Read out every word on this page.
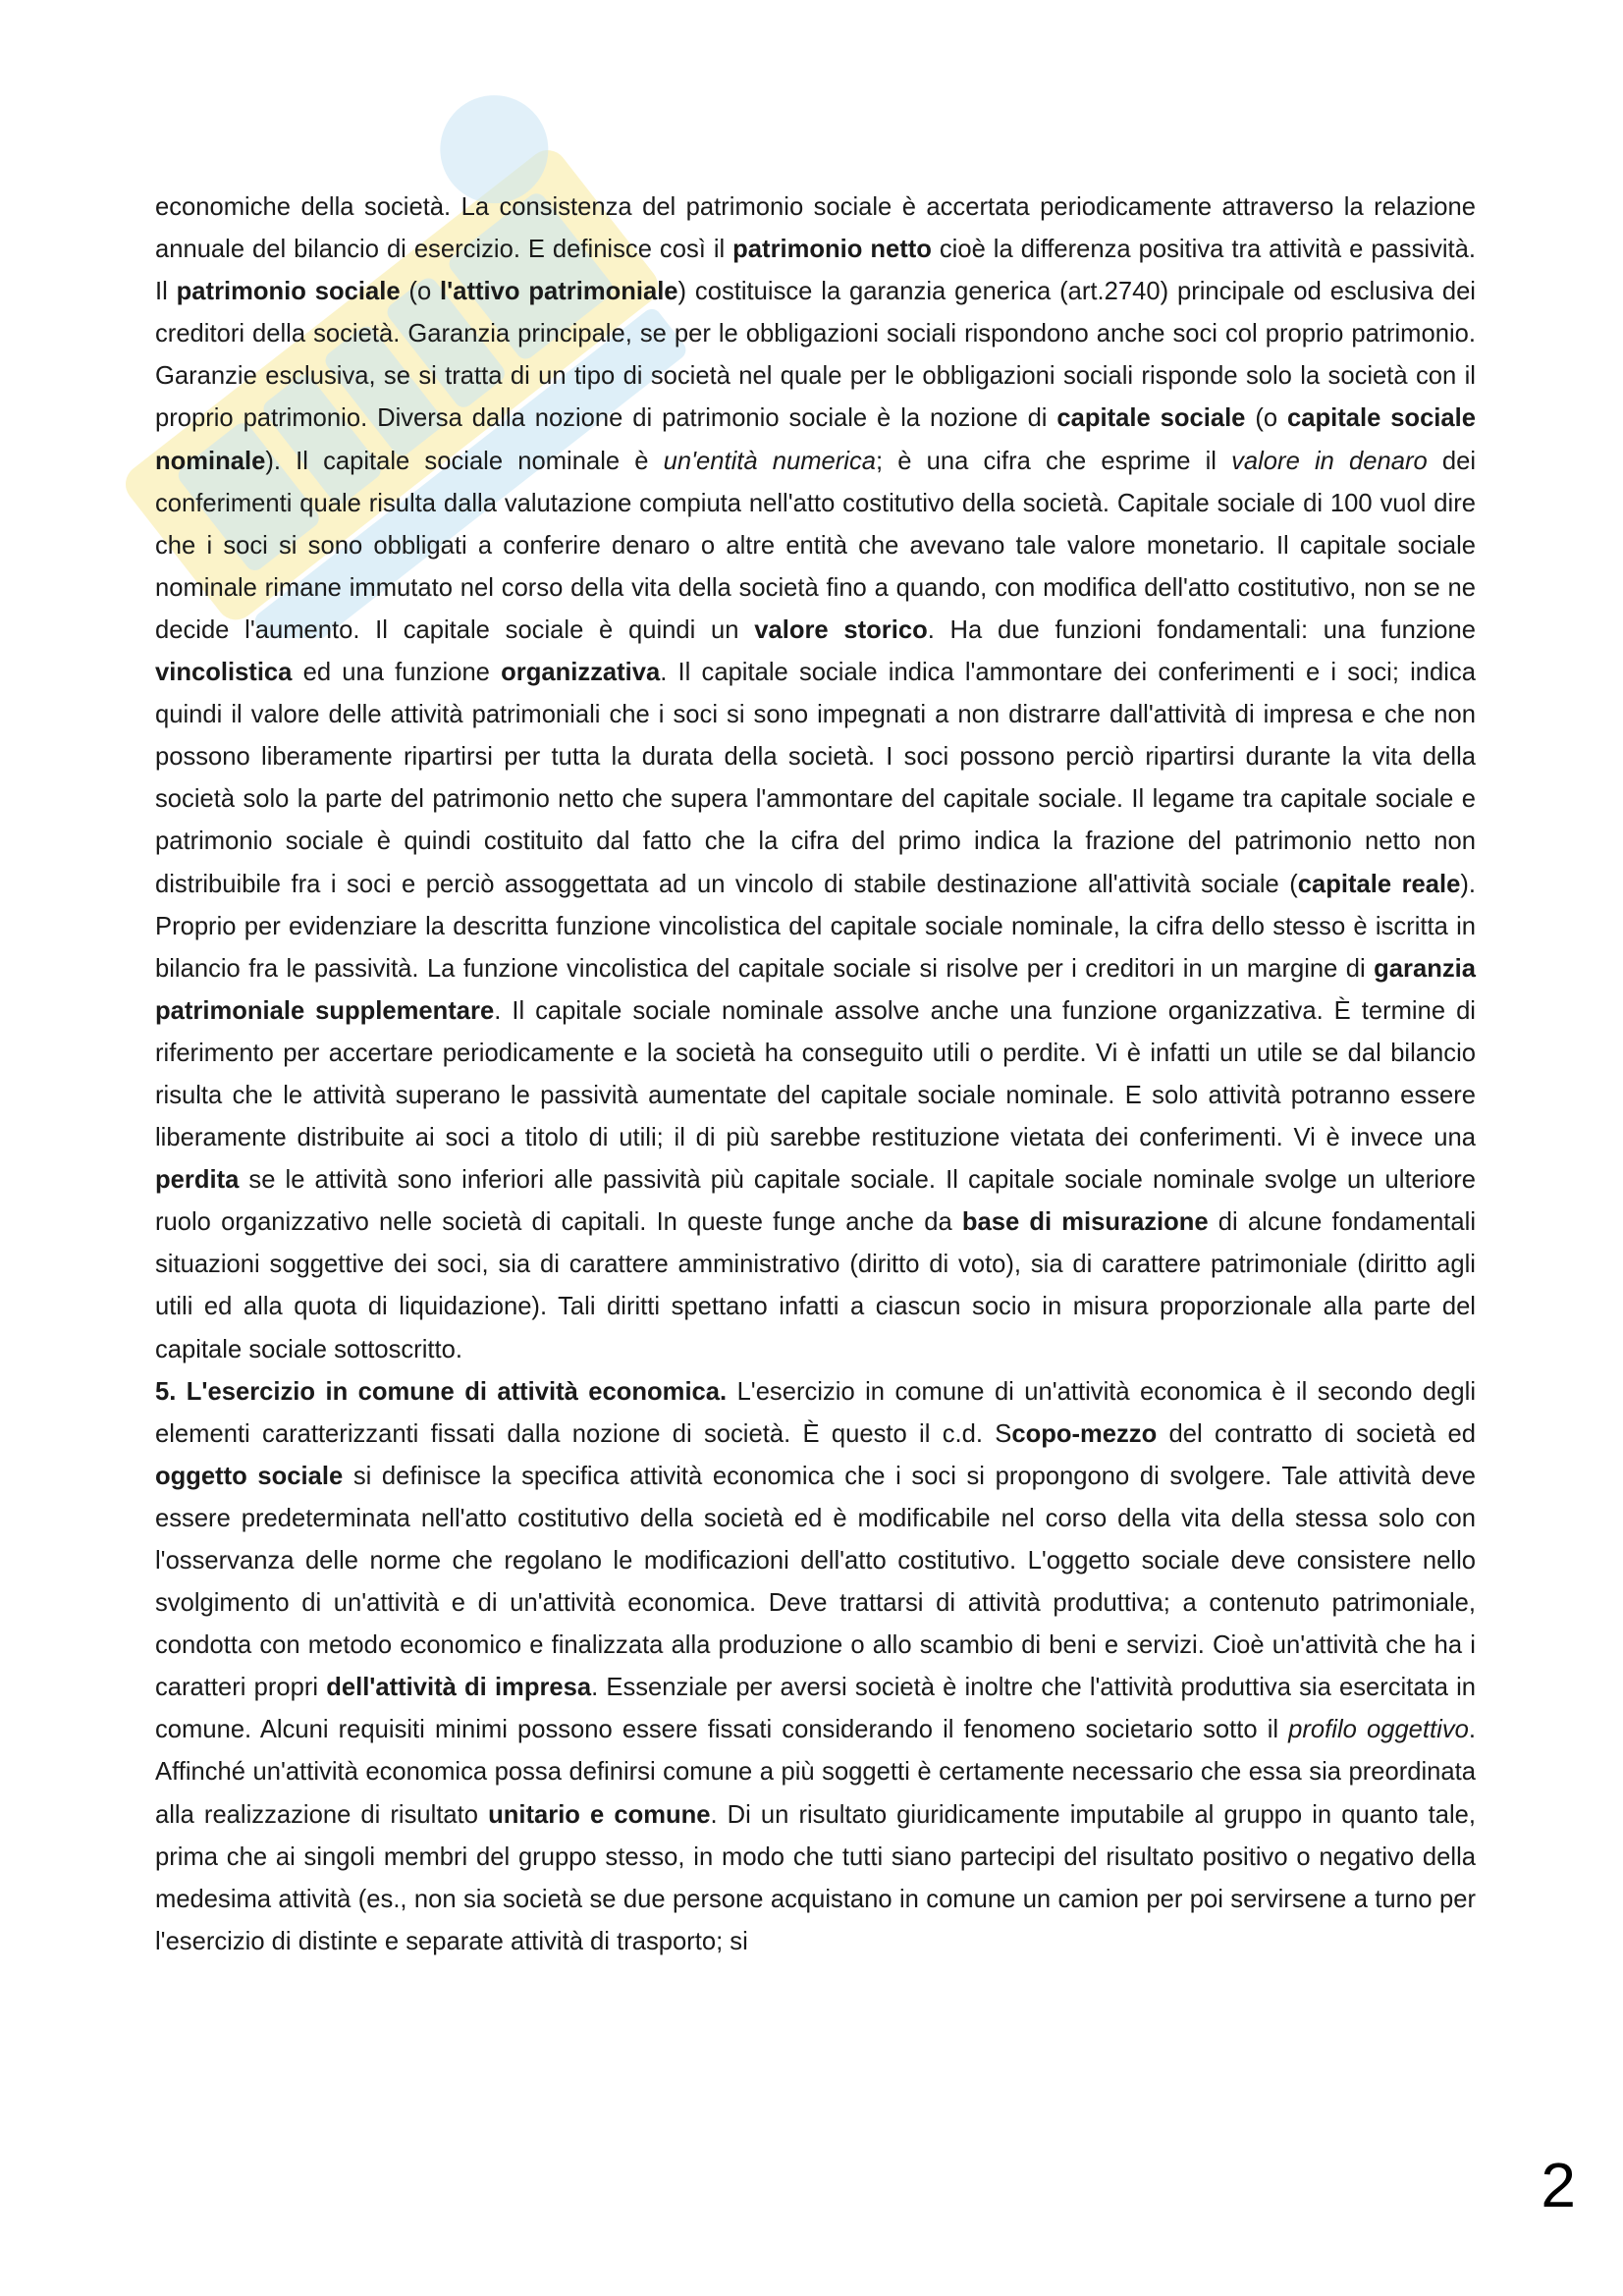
economiche della società. La consistenza del patrimonio sociale è accertata periodicamente attraverso la relazione annuale del bilancio di esercizio. E definisce così il patrimonio netto cioè la differenza positiva tra attività e passività. Il patrimonio sociale (o l'attivo patrimoniale) costituisce la garanzia generica (art.2740) principale od esclusiva dei creditori della società. Garanzia principale, se per le obbligazioni sociali rispondono anche soci col proprio patrimonio. Garanzie esclusiva, se si tratta di un tipo di società nel quale per le obbligazioni sociali risponde solo la società con il proprio patrimonio. Diversa dalla nozione di patrimonio sociale è la nozione di capitale sociale (o capitale sociale nominale). Il capitale sociale nominale è un'entità numerica; è una cifra che esprime il valore in denaro dei conferimenti quale risulta dalla valutazione compiuta nell'atto costitutivo della società. Capitale sociale di 100 vuol dire che i soci si sono obbligati a conferire denaro o altre entità che avevano tale valore monetario. Il capitale sociale nominale rimane immutato nel corso della vita della società fino a quando, con modifica dell'atto costitutivo, non se ne decide l'aumento. Il capitale sociale è quindi un valore storico. Ha due funzioni fondamentali: una funzione vincolistica ed una funzione organizzativa. Il capitale sociale indica l'ammontare dei conferimenti e i soci; indica quindi il valore delle attività patrimoniali che i soci si sono impegnati a non distrarre dall'attività di impresa e che non possono liberamente ripartirsi per tutta la durata della società. I soci possono perciò ripartirsi durante la vita della società solo la parte del patrimonio netto che supera l'ammontare del capitale sociale. Il legame tra capitale sociale e patrimonio sociale è quindi costituito dal fatto che la cifra del primo indica la frazione del patrimonio netto non distribuibile fra i soci e perciò assoggettata ad un vincolo di stabile destinazione all'attività sociale (capitale reale). Proprio per evidenziare la descritta funzione vincolistica del capitale sociale nominale, la cifra dello stesso è iscritta in bilancio fra le passività. La funzione vincolistica del capitale sociale si risolve per i creditori in un margine di garanzia patrimoniale supplementare. Il capitale sociale nominale assolve anche una funzione organizzativa. È termine di riferimento per accertare periodicamente e la società ha conseguito utili o perdite. Vi è infatti un utile se dal bilancio risulta che le attività superano le passività aumentate del capitale sociale nominale. E solo attività potranno essere liberamente distribuite ai soci a titolo di utili; il di più sarebbe restituzione vietata dei conferimenti. Vi è invece una perdita se le attività sono inferiori alle passività più capitale sociale. Il capitale sociale nominale svolge un ulteriore ruolo organizzativo nelle società di capitali. In queste funge anche da base di misurazione di alcune fondamentali situazioni soggettive dei soci, sia di carattere amministrativo (diritto di voto), sia di carattere patrimoniale (diritto agli utili ed alla quota di liquidazione). Tali diritti spettano infatti a ciascun socio in misura proporzionale alla parte del capitale sociale sottoscritto.

5. L'esercizio in comune di attività economica. L'esercizio in comune di un'attività economica è il secondo degli elementi caratterizzanti fissati dalla nozione di società. È questo il c.d. Scopo-mezzo del contratto di società ed oggetto sociale si definisce la specifica attività economica che i soci si propongono di svolgere. Tale attività deve essere predeterminata nell'atto costitutivo della società ed è modificabile nel corso della vita della stessa solo con l'osservanza delle norme che regolano le modificazioni dell'atto costitutivo. L'oggetto sociale deve consistere nello svolgimento di un'attività e di un'attività economica. Deve trattarsi di attività produttiva; a contenuto patrimoniale, condotta con metodo economico e finalizzata alla produzione o allo scambio di beni e servizi. Cioè un'attività che ha i caratteri propri dell'attività di impresa. Essenziale per aversi società è inoltre che l'attività produttiva sia esercitata in comune. Alcuni requisiti minimi possono essere fissati considerando il fenomeno societario sotto il profilo oggettivo. Affinché un'attività economica possa definirsi comune a più soggetti è certamente necessario che essa sia preordinata alla realizzazione di risultato unitario e comune. Di un risultato giuridicamente imputabile al gruppo in quanto tale, prima che ai singoli membri del gruppo stesso, in modo che tutti siano partecipi del risultato positivo o negativo della medesima attività (es., non sia società se due persone acquistano in comune un camion per poi servirsene a turno per l'esercizio di distinte e separate attività di trasporto; si

2
